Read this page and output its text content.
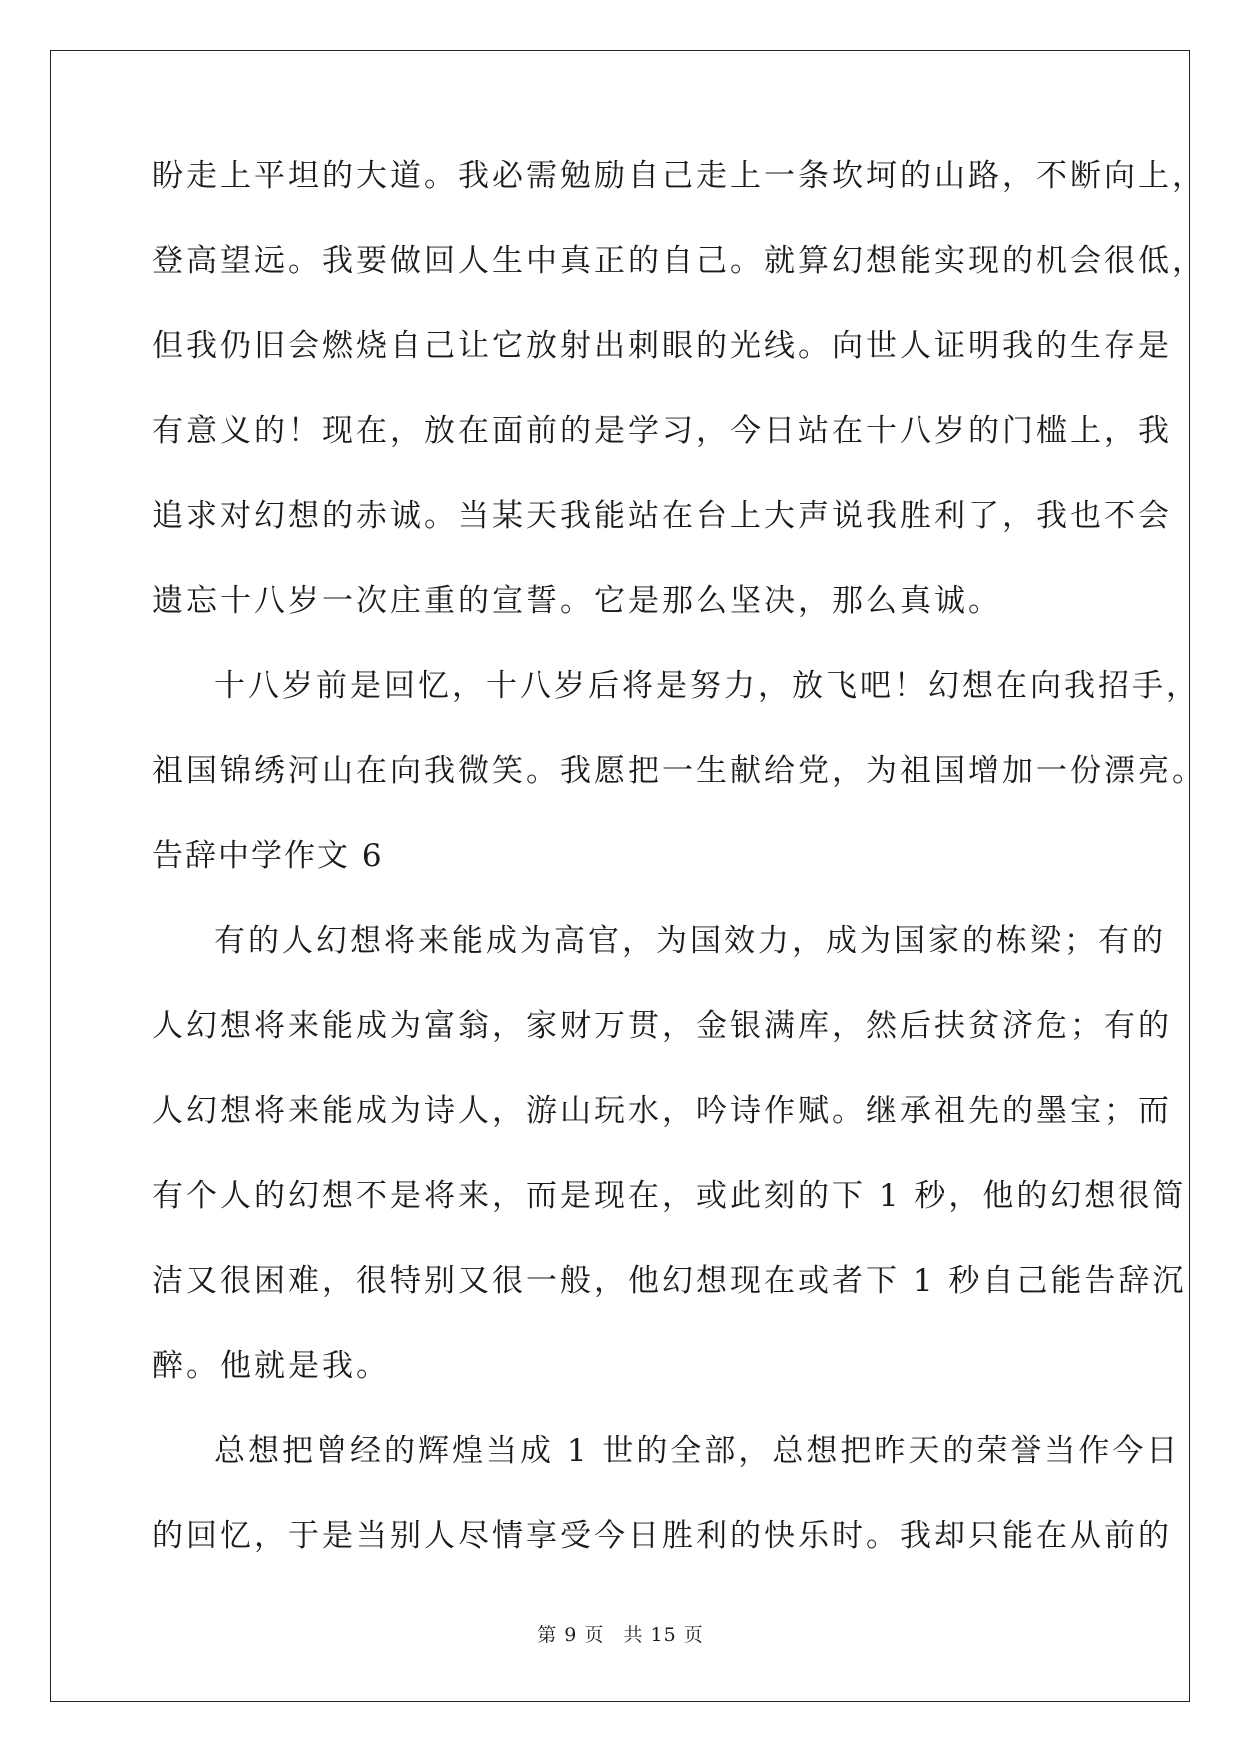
盼走上平坦的大道。我必需勉励自己走上一条坎坷的山路，不断向上，
登高望远。我要做回人生中真正的自己。就算幻想能实现的机会很低，
但我仍旧会燃烧自己让它放射出刺眼的光线。向世人证明我的生存是
有意义的！现在，放在面前的是学习，今日站在十八岁的门槛上，我
追求对幻想的赤诚。当某天我能站在台上大声说我胜利了，我也不会
遗忘十八岁一次庄重的宣誓。它是那么坚决，那么真诚。
十八岁前是回忆，十八岁后将是努力，放飞吧！幻想在向我招手，
祖国锦绣河山在向我微笑。我愿把一生献给党，为祖国增加一份漂亮。
告辞中学作文 6
有的人幻想将来能成为高官，为国效力，成为国家的栋梁；有的
人幻想将来能成为富翁，家财万贯，金银满库，然后扶贫济危；有的
人幻想将来能成为诗人，游山玩水，吟诗作赋。继承祖先的墨宝；而
有个人的幻想不是将来，而是现在，或此刻的下 1 秒，他的幻想很简
洁又很困难，很特别又很一般，他幻想现在或者下 1 秒自己能告辞沉
醉。他就是我。
总想把曾经的辉煌当成 1 世的全部，总想把昨天的荣誉当作今日
的回忆，于是当别人尽情享受今日胜利的快乐时。我却只能在从前的
第 9 页 共 15 页
